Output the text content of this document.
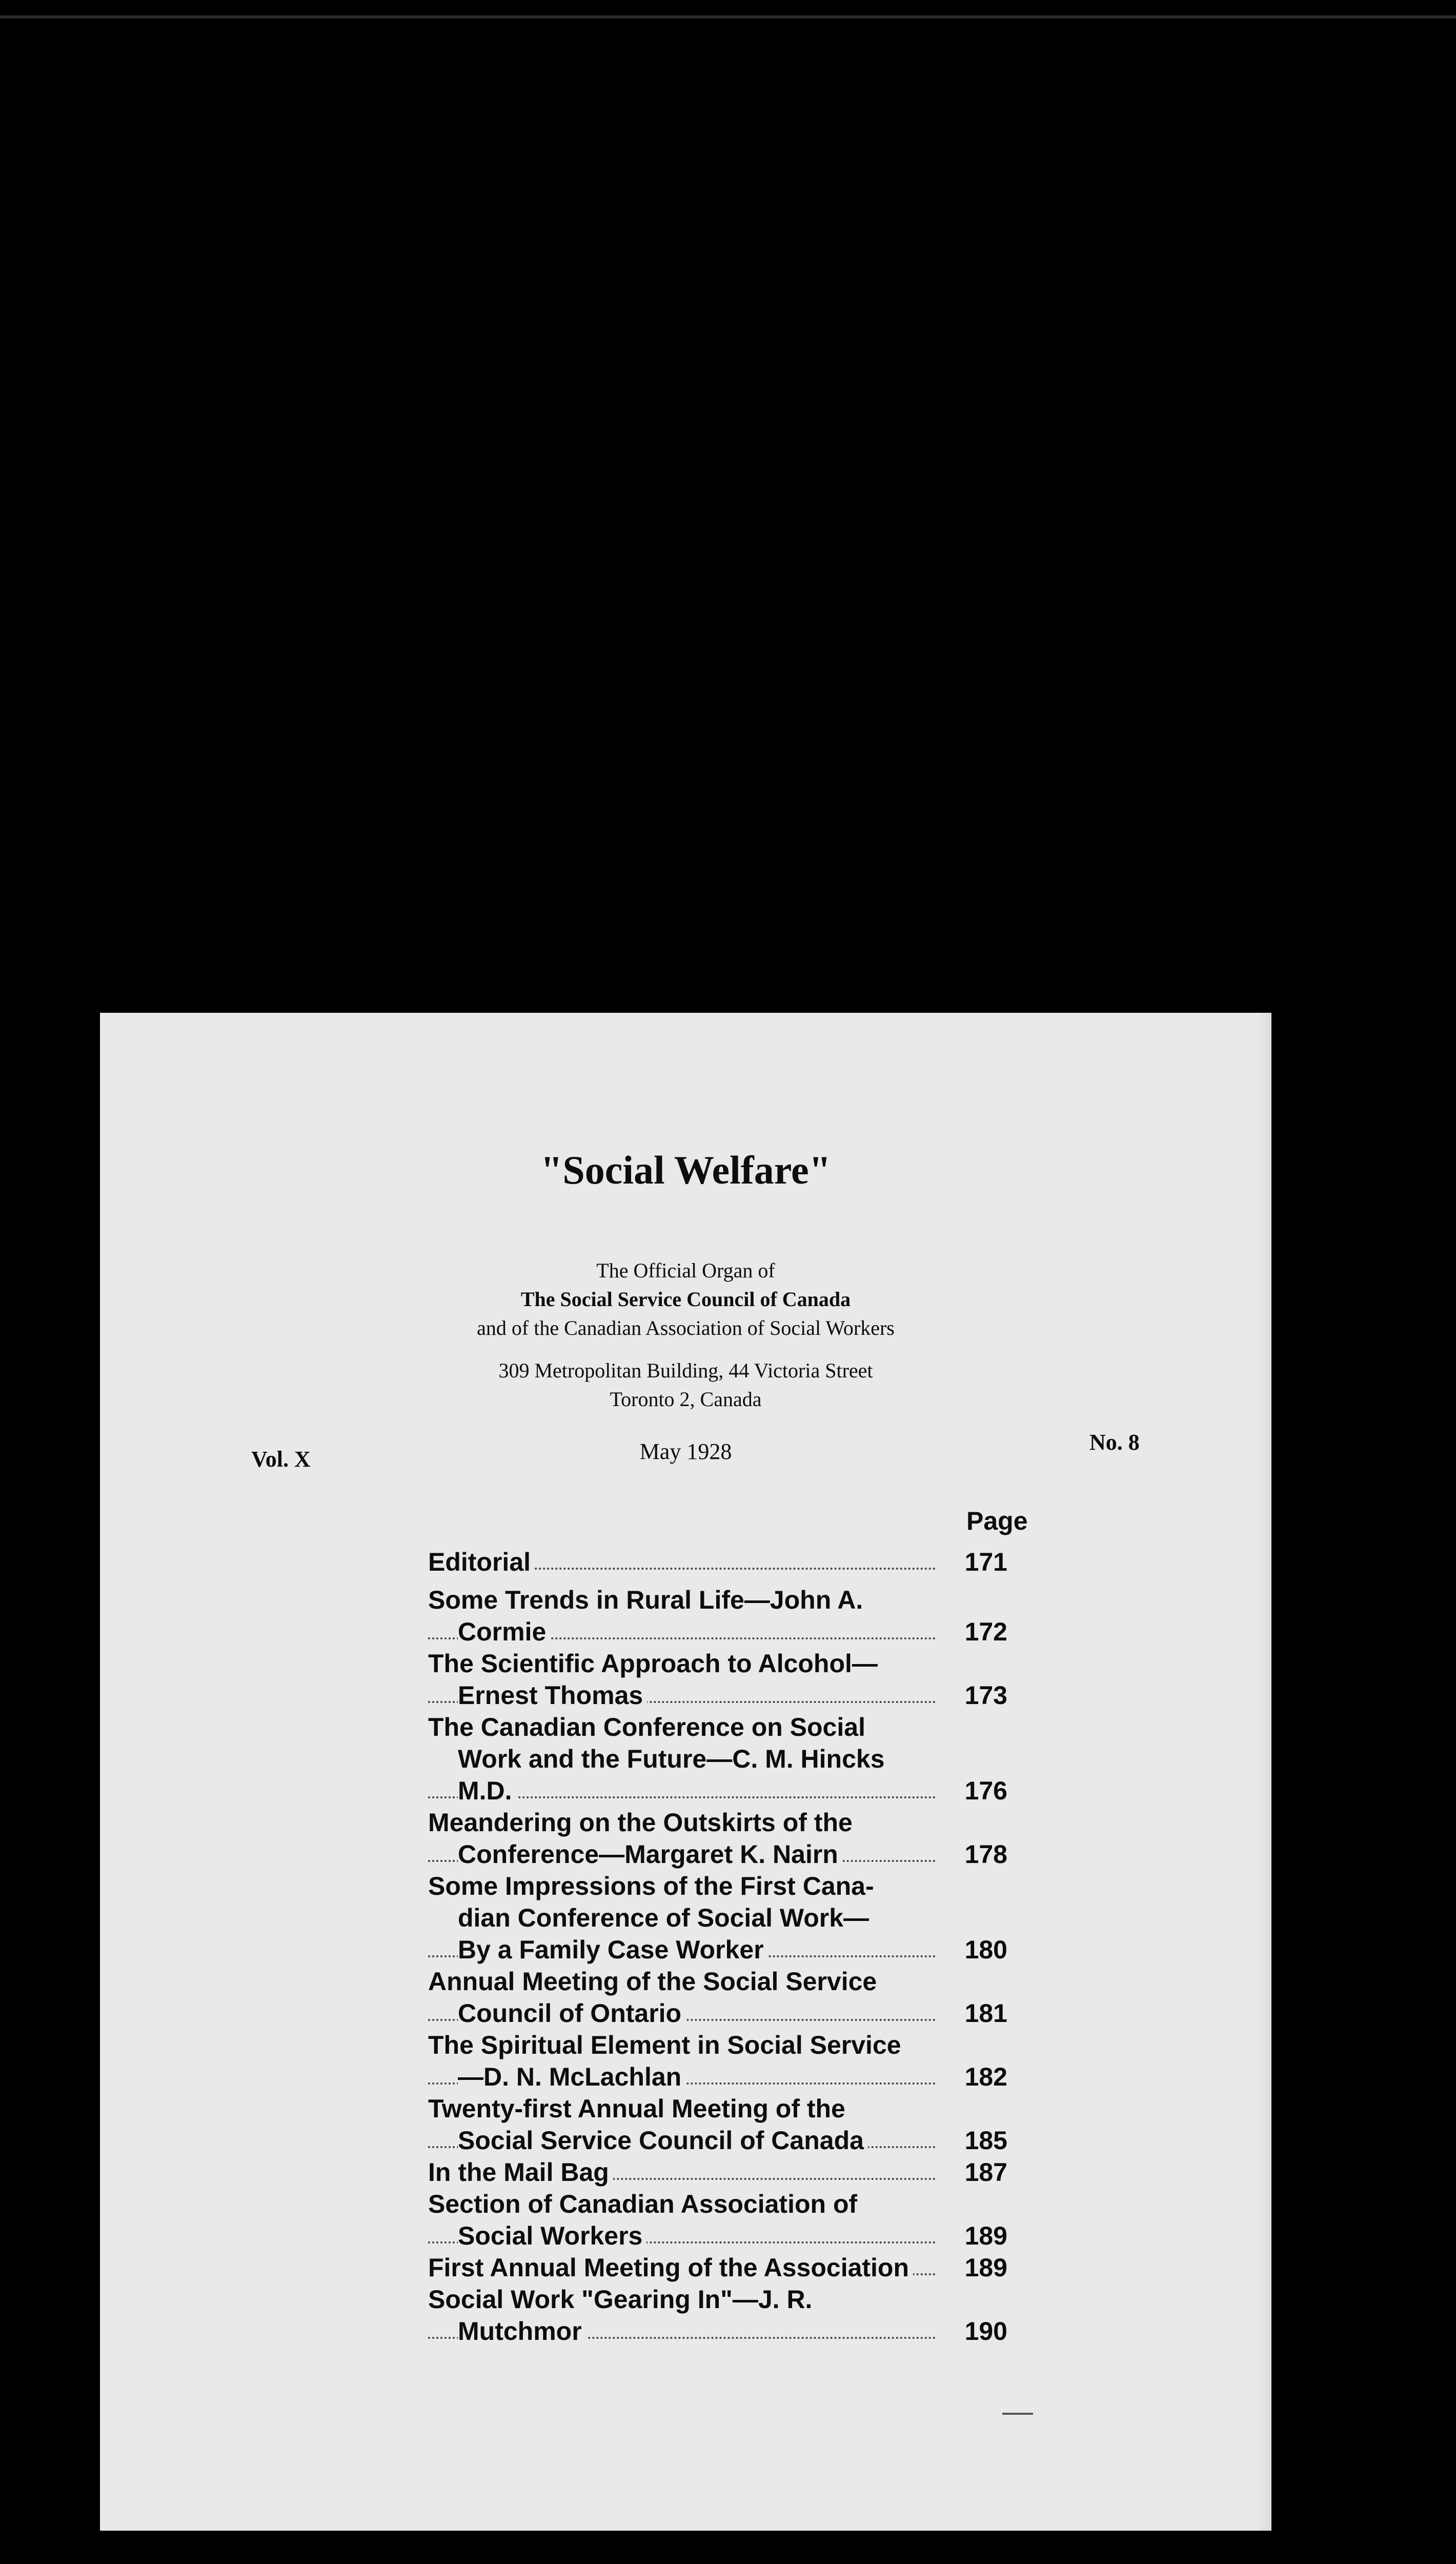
"Social Welfare"
The Official Organ of
The Social Service Council of Canada
and of the Canadian Association of Social Workers
309 Metropolitan Building, 44 Victoria Street
Toronto 2, Canada
Vol. X	May 1928	No. 8
Page
Editorial	171
Some Trends in Rural Life—John A.
Cormie	172
The Scientific Approach to Alcohol—
Ernest Thomas	173
The Canadian Conference on Social
Work and the Future—C. M. Hincks
M.D.	176
Meandering on the Outskirts of the
Conference—Margaret K. Nairn	178
Some Impressions of the First Cana-
dian Conference of Social Work—
By a Family Case Worker	180
Annual Meeting of the Social Service
Council of Ontario	181
The Spiritual Element in Social Service
—D. N. McLachlan	182
Twenty-first Annual Meeting of the
Social Service Council of Canada	185
In the Mail Bag	187
Section of Canadian Association of
Social Workers	189
First Annual Meeting of the Association	189
Social Work "Gearing In"—J. R.
Mutchmor	190
